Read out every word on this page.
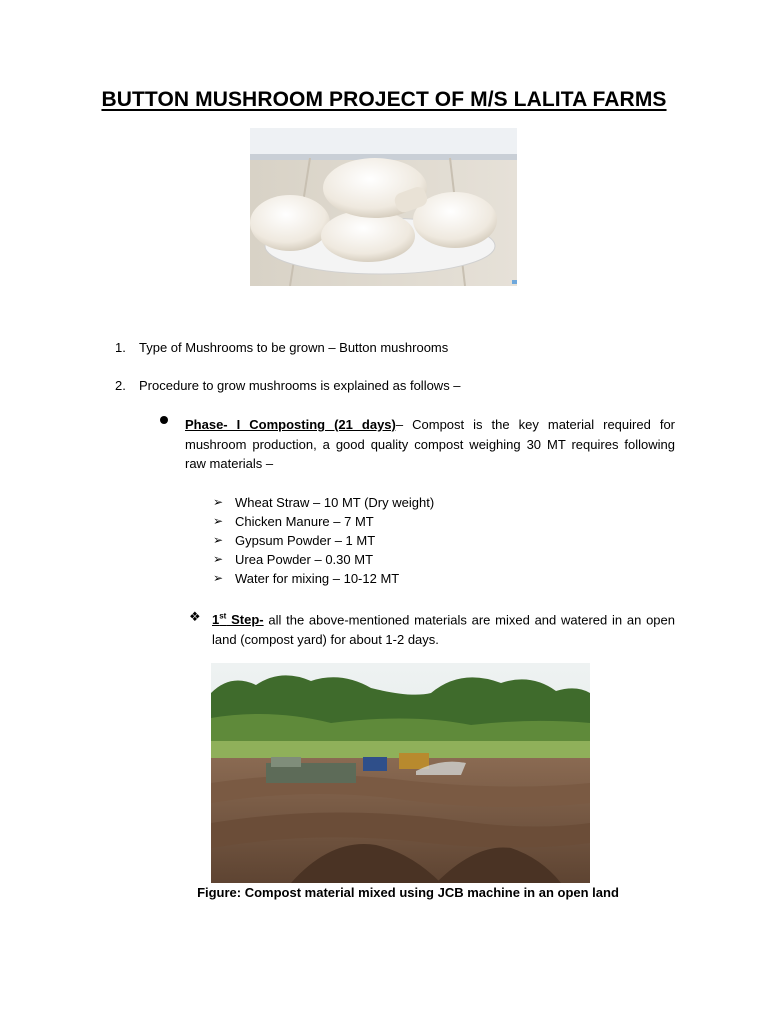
BUTTON MUSHROOM PROJECT OF M/S LALITA FARMS
1. Type of Mushrooms to be grown – Button mushrooms
2. Procedure to grow mushrooms is explained as follows –
Phase- I Composting (21 days)– Compost is the key material required for mushroom production, a good quality compost weighing 30 MT requires following raw materials –
➢ Wheat Straw – 10 MT (Dry weight)
➢ Chicken Manure – 7 MT
➢ Gypsum Powder – 1 MT
➢ Urea Powder – 0.30 MT
➢ Water for mixing – 10-12 MT
❖ 1st Step- all the above-mentioned materials are mixed and watered in an open land (compost yard) for about 1-2 days.
Figure: Compost material mixed using JCB machine in an open land
